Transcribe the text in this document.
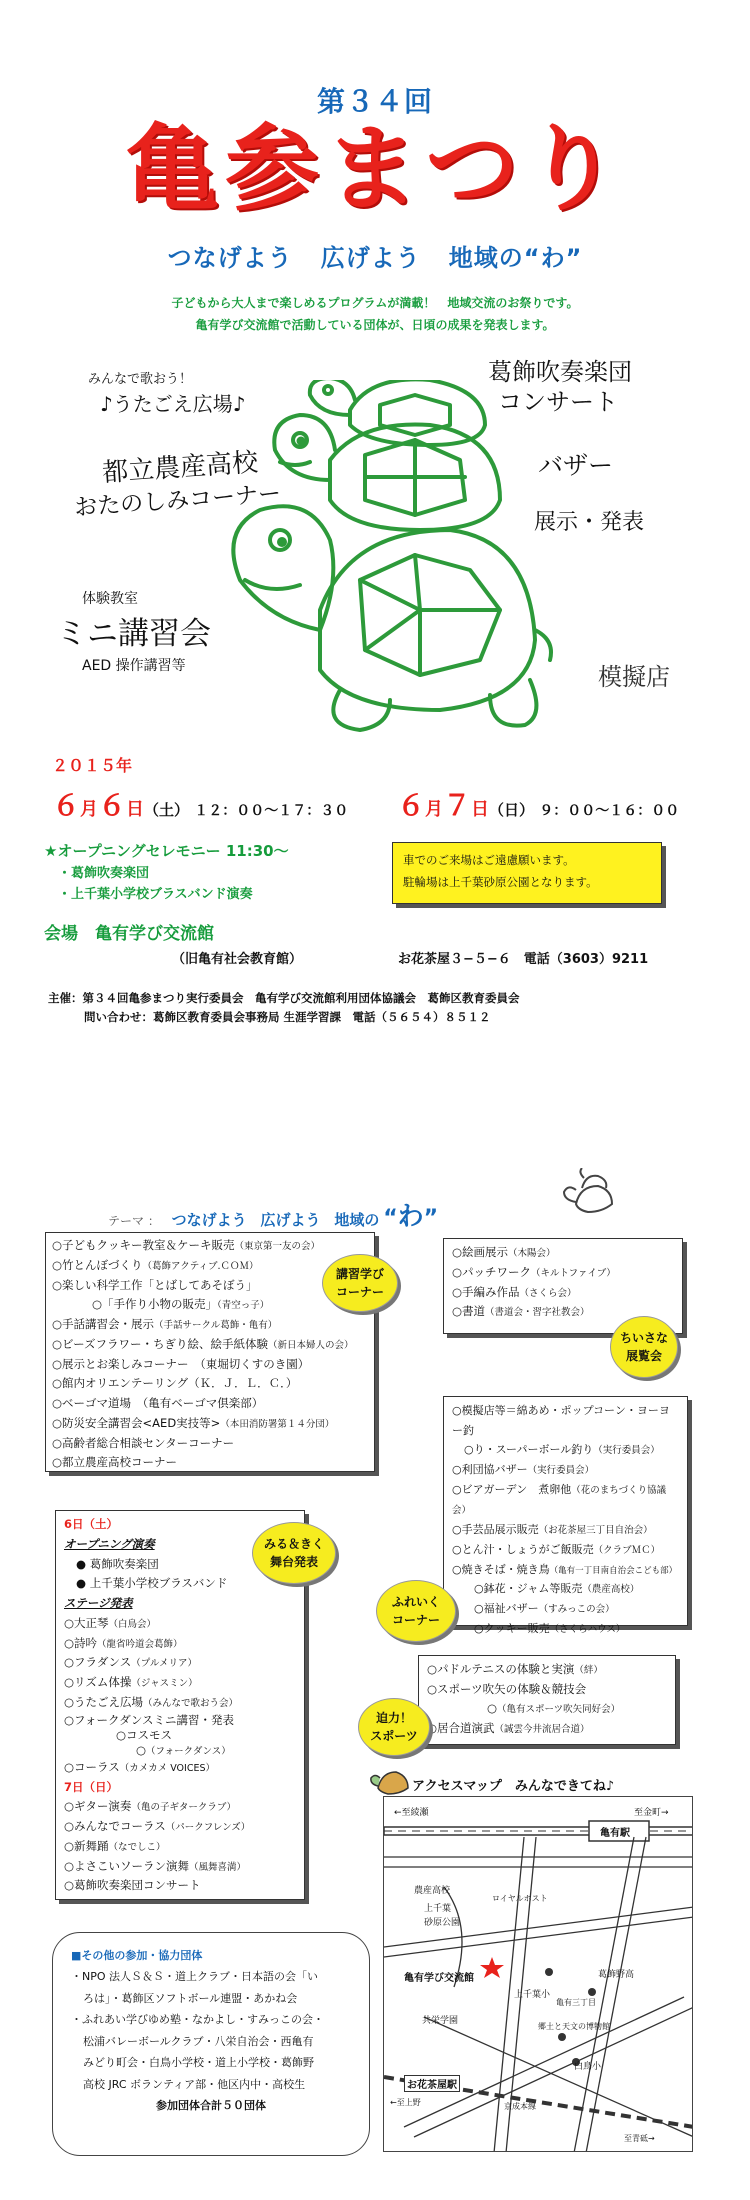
第３４回
亀参まつり
つなげよう 広げよう 地域の“わ”
子どもから大人まで楽しめるプログラムが満載！　地域交流のお祭りです。
亀有学び交流館で活動している団体が、日頃の成果を発表します。
みんなで歌おう！
♪うたごえ広場♪
葛飾吹奏楽団
コンサート
都立農産高校
おたのしみコーナー
バザー
展示・発表
体験教室
ミニ講習会
AED 操作講習等	模擬店
２０１５年
６月６日（土） １２：００〜１７：３０ ６月７日（日） ９：００〜１６：００
★オープニングセレモニー 11:30〜
・葛飾吹奏楽団
・上千葉小学校ブラスバンド演奏
車でのご来場はご遠慮願います。
駐輪場は上千葉砂原公園となります。
会場　亀有学び交流館
（旧亀有社会教育館）	お花茶屋３−５−６　電話（3603）9211
主催：第３４回亀参まつり実行委員会　亀有学び交流館利用団体協議会　葛飾区教育委員会
問い合わせ：葛飾区教育委員会事務局 生涯学習課　電話（５６５４）８５１２
テーマ ： つなげよう 広げよう 地域の “わ”
○ 子どもクッキー教室＆ケーキ販売（東京第一友の会）
○ 竹とんぼづくり（葛飾アクティブ.ＣＯＭ）
○ 楽しい科学工作「とばしてあそぼう」
○ 「手作り小物の販売」（青空っ子）
○ 手話講習会・展示（手話サークル葛飾・亀有）
○ ビーズフラワー・ちぎり絵、絵手紙体験（新日本婦人の会）
○ 展示とお楽しみコーナー　（東堀切くすのき園）
○ 館内オリエンテーリング（Ｋ．Ｊ．Ｌ．Ｃ．）
○ ベーゴマ道場　（亀有ベーゴマ倶楽部）
○ 防災安全講習会<AED実技等>（本田消防署第１４分団）
○ 高齢者総合相談センターコーナー
○ 都立農産高校コーナー
講習学び
コーナー
○ 絵画展示（木陽会）
○ パッチワーク（キルトファイブ）
○ 手編み作品（さくら会）
○ 書道（書道会・習字社教会）
ちいさな
展覧会
○ 模擬店等＝綿あめ・ポップコーン・ヨーヨー釣
○ り・スーパーボール釣り（実行委員会）
○ 利団協バザー（実行委員会）
○ ビアガーデン　煮卵他（花のまちづくり協議会）
○ 手芸品展示販売（お花茶屋三丁目自治会）
○ とん汁・しょうがご飯販売（クラブＭＣ）
○ 焼きそば・焼き鳥（亀有一丁目南自治会こども部）
○ 鉢花・ジャム等販売（農産高校）
○ 福祉バザー（すみっこの会）
○ クッキー販売（さくらハウス）
ふれいく
コーナー
6日（土）
オープニング演奏
● 葛飾吹奏楽団
● 上千葉小学校ブラスバンド
ステージ発表
○ 大正琴（白鳥会）
○ 詩吟（龍省吟道会葛飾）
○ フラダンス（プルメリア）
○ リズム体操（ジャスミン）
○ うたごえ広場（みんなで歌おう会）
○ フォークダンスミニ講習・発表
○ コスモス
○ （フォークダンス）
○ コーラス（カメカメ VOICES）
7日（日）
○ ギター演奏（亀の子ギタークラブ）
○ みんなでコーラス（パークフレンズ）
○ 新舞踊（なでしこ）
○ よさこいソーラン演舞（風舞喜満）
○ 葛飾吹奏楽団コンサート
みる＆きく
舞台発表
○ パドルテニスの体験と実演（絆）
○ スポーツ吹矢の体験＆競技会
○ （亀有スポーツ吹矢同好会）
○ 居合道演武（誠雲今井流居合道）
迫力！
スポーツ
■その他の参加・協力団体
・NPO 法人Ｓ＆Ｓ・道上クラブ・日本語の会「い
ろは」・葛飾区ソフトボール連盟・あかね会
・ふれあい学びゆめ塾・なかよし・すみっこの会・
松浦バレーボールクラブ・八栄自治会・西亀有
みどり町会・白鳥小学校・道上小学校・葛飾野
高校 JRC ボランティア部・他区内中・高校生
参加団体合計５０団体
アクセスマップ　みんなできてね♪
←至綾瀬	至金町→
亀有駅
農産高校
上千葉
砂原公園
ロイヤルホスト
亀有学び交流館	葛飾野高
上千葉小
共栄学園
亀有三丁目
郷土と天文の博物館
白鳥小
お花茶屋駅
←至上野	京成本線
至青砥→
